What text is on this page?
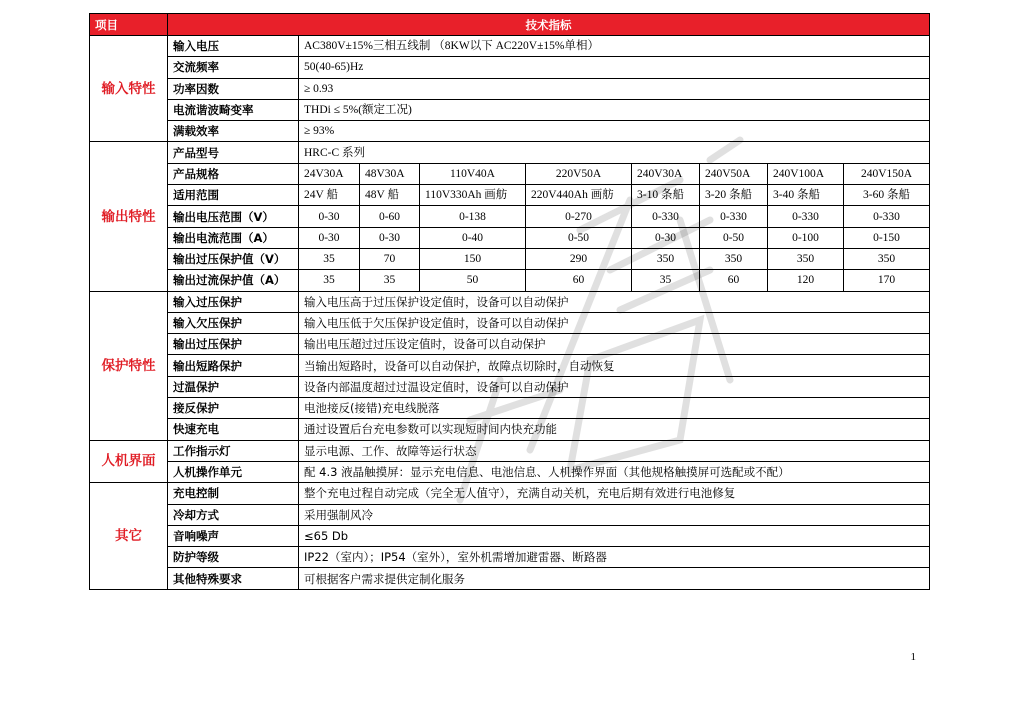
项目	技术指标								
输入特性	输入电压	AC380V±15%三相五线制 （8KW以下 AC220V±15%单相）							
	交流频率	50(40-65)Hz							
	功率因数	≥ 0.93							
	电流谐波畸变率	THDi ≤ 5%(额定工况)							
	满载效率	≥ 93%							
输出特性	产品型号	HRC-C 系列							
	产品规格	24V30A	48V30A	110V40A	220V50A	240V30A	240V50A	240V100A	240V150A
	适用范围	24V 船	48V 船	110V330Ah 画舫	220V440Ah 画舫	3-10 条船	3-20 条船	3-40 条船	3-60 条船
	输出电压范围（V）	0-30	0-60	0-138	0-270	0-330	0-330	0-330	0-330
	输出电流范围（A）	0-30	0-30	0-40	0-50	0-30	0-50	0-100	0-150
	输出过压保护值（V）	35	70	150	290	350	350	350	350
	输出过流保护值（A）	35	35	50	60	35	60	120	170
保护特性	输入过压保护	输入电压高于过压保护设定值时，设备可以自动保护							
	输入欠压保护	输入电压低于欠压保护设定值时，设备可以自动保护							
	输出过压保护	输出电压超过过压设定值时，设备可以自动保护							
	输出短路保护	当输出短路时，设备可以自动保护，故障点切除时，自动恢复							
	过温保护	设备内部温度超过过温设定值时，设备可以自动保护							
	接反保护	电池接反(接错)充电线脱落							
	快速充电	通过设置后台充电参数可以实现短时间内快充功能							
人机界面	工作指示灯	显示电源、工作、故障等运行状态							
	人机操作单元	配 4.3 液晶触摸屏：显示充电信息、电池信息、人机操作界面（其他规格触摸屏可选配或不配）							
其它	充电控制	整个充电过程自动完成（完全无人值守），充满自动关机，充电后期有效进行电池修复							
	冷却方式	采用强制风冷							
	音响噪声	≤65 Db							
	防护等级	IP22（室内）；IP54（室外），室外机需增加避雷器、断路器							
	其他特殊要求	可根据客户需求提供定制化服务							
1
